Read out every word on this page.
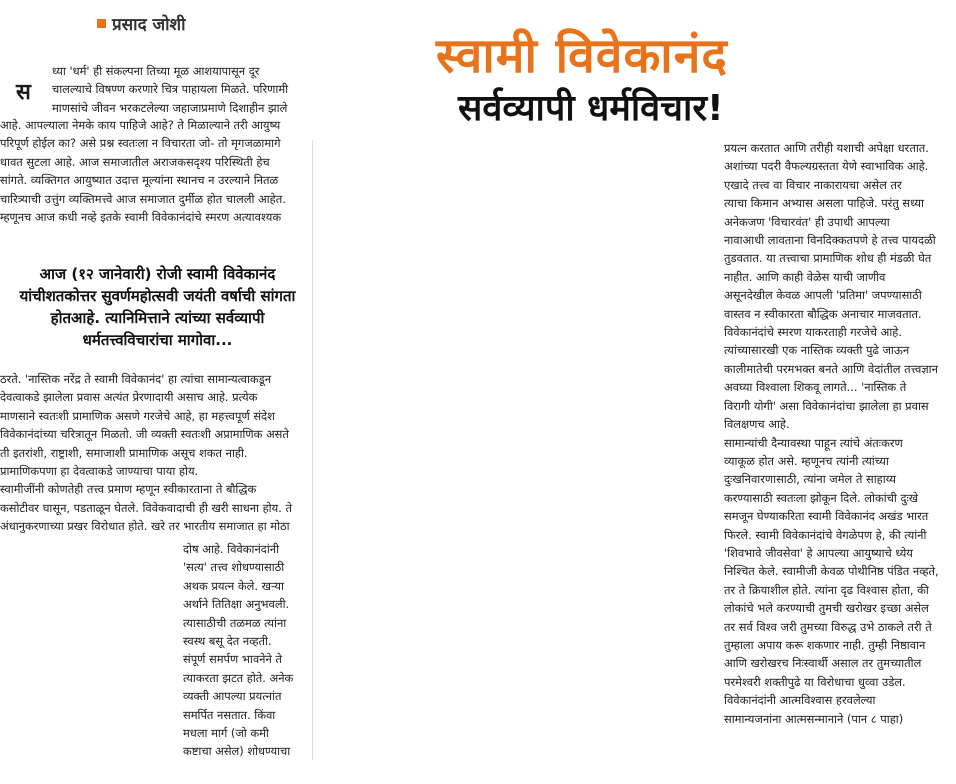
प्रसाद जोशी
स्वामी विवेकानंद
सर्वव्यापी धर्मविचार!
स
ध्या 'धर्म' ही संकल्पना तिच्या मूळ आशयापासून दूर
चालल्याचे विषण्ण करणारे चित्र पाहायला मिळते. परिणामी
माणसांचे जीवन भरकटलेल्या जहाजाप्रमाणे दिशाहीन झाले
आहे. आपल्याला नेमके काय पाहिजे आहे? ते मिळाल्याने तरी आयुष्य
परिपूर्ण होईल का? असे प्रश्न स्वतःला न विचारता जो- तो मृगजळामागे
धावत सुटला आहे. आज समाजातील अराजकसदृश्य परिस्थिती हेच
सांगते. व्यक्तिगत आयुष्यात उदात्त मूल्यांना स्थानच न उरल्याने नितळ
चारित्र्याची उत्तुंग व्यक्तिमत्त्वे आज समाजात दुर्मीळ होत चालली आहेत.
म्हणूनच आज कधी नव्हे इतके स्वामी विवेकानंदांचे स्मरण अत्यावश्यक
आज (१२ जानेवारी) रोजी स्वामी विवेकानंद यांचीशतकोत्तर सुवर्णमहोत्सवी जयंती वर्षाची सांगता होतआहे. त्यानिमित्ताने त्यांच्या सर्वव्यापी धर्मतत्त्वविचारांचा मागोवा...
ठरते. 'नास्तिक नरेंद्र ते स्वामी विवेकानंद' हा त्यांचा सामान्यत्वाकडून
देवत्वाकडे झालेला प्रवास अत्यंत प्रेरणादायी असाच आहे. प्रत्येक
माणसाने स्वतःशी प्रामाणिक असणे गरजेचे आहे, हा महत्त्वपूर्ण संदेश
विवेकानंदांच्या चरित्रातून मिळतो. जी व्यक्ती स्वतःशी अप्रामाणिक असते
ती इतरांशी, राष्ट्राशी, समाजाशी प्रामाणिक असूच शकत नाही.
प्रामाणिकपणा हा देवत्वाकडे जाण्याचा पाया होय.
स्वामीजींनी कोणतेही तत्त्व प्रमाण म्हणून स्वीकारताना ते बौद्धिक
कसोटीवर घासून, पडताळून घेतले. विवेकवादाची ही खरी साधना होय. ते
अंधानुकरणाच्या प्रखर विरोधात होते. खरे तर भारतीय समाजात हा मोठा
दोष आहे. विवेकानंदांनी
'सत्य' तत्त्व शोधण्यासाठी
अथक प्रयत्न केले. खऱ्या
अर्थाने तितिक्षा अनुभवली.
त्यासाठीची तळमळ त्यांना
स्वस्थ बसू देत नव्हती.
संपूर्ण समर्पण भावनेने ते
त्याकरता झटत होते. अनेक
व्यक्ती आपल्या प्रयत्नांत
समर्पित नसतात. किंवा
मधला मार्ग (जो कमी
कष्टाचा असेल) शोधण्याचा
प्रयत्न करतात आणि तरीही यशाची अपेक्षा धरतात.
अशांच्या पदरी वैफल्यग्रस्तता येणे स्वाभाविक आहे.
एखादे तत्त्व वा विचार नाकारायचा असेल तर
त्याचा किमान अभ्यास असला पाहिजे. परंतु सध्या
अनेकजण 'विचारवंत' ही उपाधी आपल्या
नावाआधी लावताना विनदिक्कतपणे हे तत्त्व पायदळी
तुडवतात. या तत्त्वाचा प्रामाणिक शोध ही मंडळी घेत
नाहीत. आणि काही वेळेस याची जाणीव
असूनदेखील केवळ आपली 'प्रतिमा' जपण्यासाठी
वास्तव न स्वीकारता बौद्धिक अनाचार माजवतात.
विवेकानंदांचे स्मरण याकरताही गरजेचे आहे.
त्यांच्यासारखी एक नास्तिक व्यक्ती पुढे जाऊन
कालीमातेची परमभक्त बनते आणि वेदांतील तत्त्वज्ञान
अवघ्या विश्वाला शिकवू लागते... 'नास्तिक ते
विरागी योगी' असा विवेकानंदांचा झालेला हा प्रवास
विलक्षणच आहे.
सामान्यांची दैन्यावस्था पाहून त्यांचे अंतःकरण
व्याकूळ होत असे. म्हणूनच त्यांनी त्यांच्या
दुःखनिवारणासाठी, त्यांना जमेल ते साहाय्य
करण्यासाठी स्वतःला झोकून दिले. लोकांची दुःखे
समजून घेण्याकरिता स्वामी विवेकानंद अखंड भारत
फिरले. स्वामी विवेकानंदांचे वेगळेपण हे, की त्यांनी
'शिवभावे जीवसेवा' हे आपल्या आयुष्याचे ध्येय
निश्चित केले. स्वामीजी केवळ पोथीनिष्ठ पंडित नव्हते,
तर ते क्रियाशील होते. त्यांना दृढ विश्वास होता, की
लोकांचे भले करण्याची तुमची खरोखर इच्छा असेल
तर सर्व विश्व जरी तुमच्या विरुद्ध उभे ठाकले तरी ते
तुम्हाला अपाय करू शकणार नाही. तुम्ही निष्ठावान
आणि खरोखरच निःस्वार्थी असाल तर तुमच्यातील
परमेश्वरी शक्तीपुढे या विरोधाचा धुव्वा उडेल.
विवेकानंदांनी आत्मविश्वास हरवलेल्या
सामान्यजनांना आत्मसन्मानाने (पान ८ पाहा)
